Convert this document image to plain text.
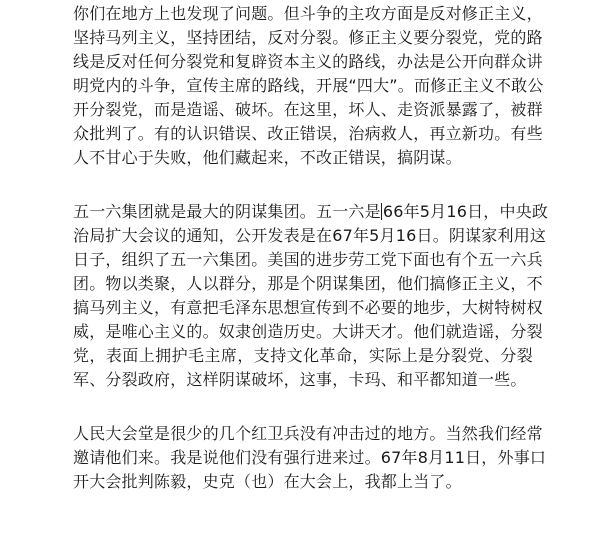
你们在地方上也发现了问题。但斗争的主攻方面是反对修正主义，
坚持马列主义，坚持团结，反对分裂。修正主义要分裂党，党的路
线是反对任何分裂党和复辟资本主义的路线，办法是公开向群众讲
明党内的斗争，宣传主席的路线，开展“四大”。而修正主义不敢公
开分裂党，而是造谣、破坏。在这里，坏人、走资派暴露了，被群
众批判了。有的认识错误、改正错误，治病救人，再立新功。有些
人不甘心于失败，他们藏起来，不改正错误，搞阴谋。

五一六集团就是最大的阴谋集团。五一六是 66年5月16日，中央政
治局扩大会议的通知，公开发表是在67年5月16日。阴谋家利用这
日子，组织了五一六集团。美国的进步劳工党下面也有个五一六兵
团。物以类聚，人以群分，那是个阴谋集团，他们搞修正主义，不
搞马列主义，有意把毛泽东思想宣传到不必要的地步，大树特树权
威，是唯心主义的。奴隶创造历史。大讲天才。他们就造谣，分裂
党，表面上拥护毛主席，支持文化革命，实际上是分裂党、分裂
军、分裂政府，这样阴谋破坏，这事，卡玛、和平都知道一些。

人民大会堂是很少的几个红卫兵没有冲击过的地方。当然我们经常
邀请他们来。我是说他们没有强行进来过。67年8月11日，外事口
开大会批判陈毅，史克（也）在大会上，我都上当了。
